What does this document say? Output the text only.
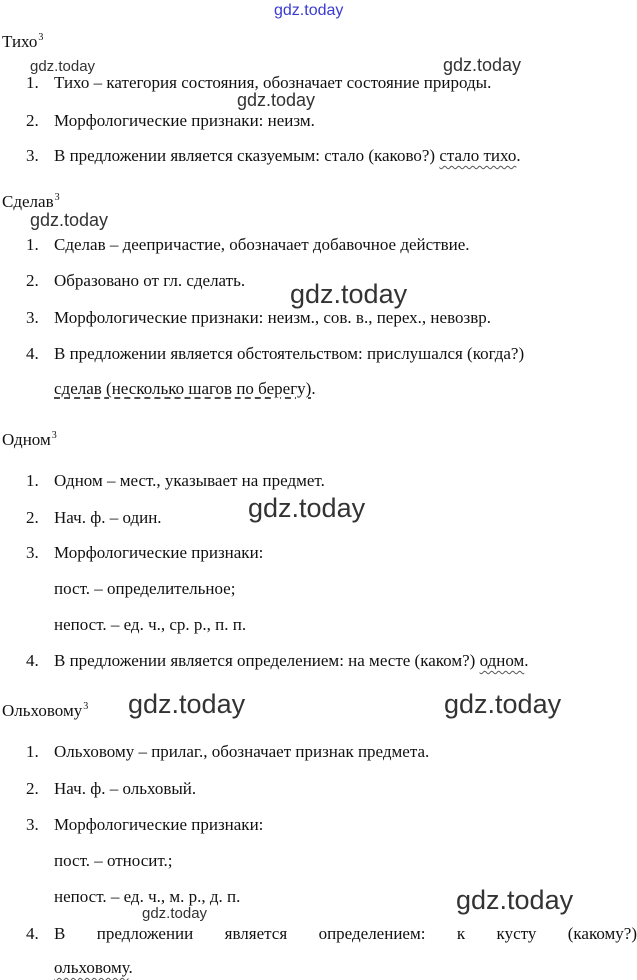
Тихо$^3$
1. Тихо – категория состояния, обозначает состояние природы.
2. Морфологические признаки: неизм.
3. В предложении является сказуемым: стало (каково?) стало тихо.
Сделав$^3$
1. Сделав – деепричастие, обозначает добавочное действие.
2. Образовано от гл. сделать.
3. Морфологические признаки: неизм., сов. в., перех., невозвр.
4. В предложении является обстоятельством: прислушался (когда?)
сделав (несколько шагов по берегу).
Одном$^3$
1. Одном – мест., указывает на предмет.
2. Нач. ф. – один.
3. Морфологические признаки:
пост. – определительное;
непост. – ед. ч., ср. р., п. п.
4. В предложении является определением: на месте (каком?) одном.
Ольховому$^3$
1. Ольховому – прилаг., обозначает признак предмета.
2. Нач. ф. – ольховый.
3. Морфологические признаки:
пост. – относит.;
непост. – ед. ч., м. р., д. п.
4. В предложении является определением: к кусту (какому?)
ольховому.
gdz.today
gdz.today	gdz.today
gdz.today
gdz.today
gdz.today
gdz.today
gdz.today	gdz.today
gdz.today
gdz.today
